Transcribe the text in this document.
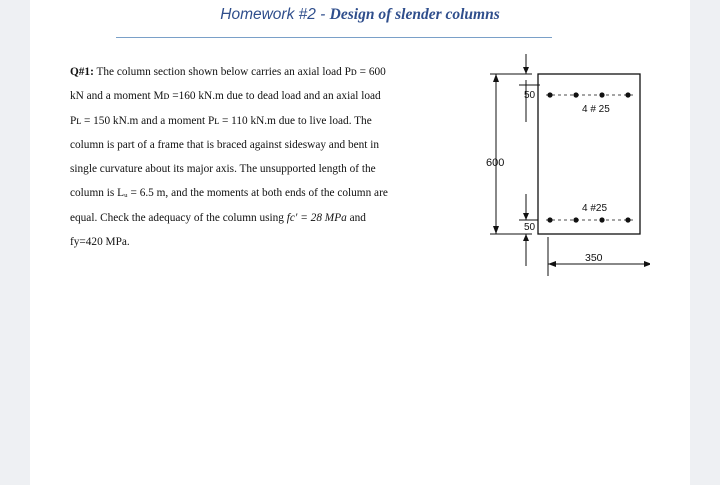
Homework #2 - Design of slender columns
Q#1: The column section shown below carries an axial load Pᴅ = 600
kN and a moment Mᴅ =160 kN.m due to dead load and an axial load
Pʟ = 150 kN.m and a moment Pʟ = 110 kN.m due to live load. The
column is part of a frame that is braced against sidesway and bent in
single curvature about its major axis. The unsupported length of the
column is Lᵤ = 6.5 m, and the moments at both ends of the column are
equal. Check the adequacy of the column using fc′ = 28 MPa and
fy=420 MPa.
600
50
4 # 25
4 #25
50
350
